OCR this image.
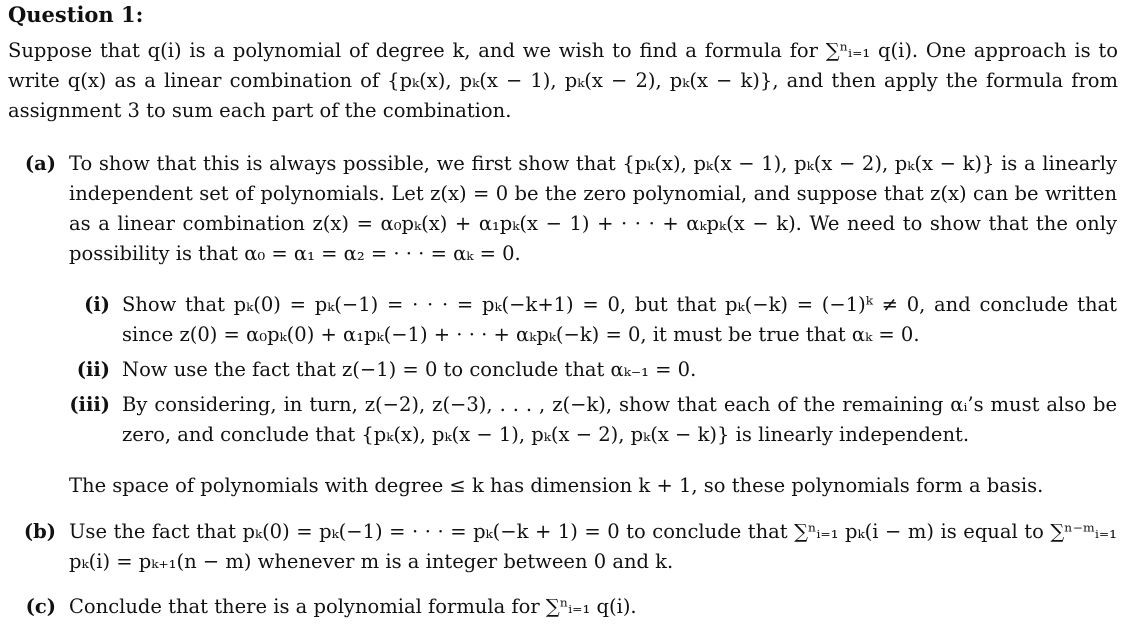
Question 1:
Suppose that q(i) is a polynomial of degree k, and we wish to find a formula for ∑ⁿᵢ₌₁ q(i). One approach is to write q(x) as a linear combination of {pₖ(x), pₖ(x − 1), pₖ(x − 2), pₖ(x − k)}, and then apply the formula from assignment 3 to sum each part of the combination.
(a) To show that this is always possible, we first show that {pₖ(x), pₖ(x − 1), pₖ(x − 2), pₖ(x − k)} is a linearly independent set of polynomials. Let z(x) = 0 be the zero polynomial, and suppose that z(x) can be written as a linear combination z(x) = α₀pₖ(x) + α₁pₖ(x − 1) + · · · + αₖpₖ(x − k). We need to show that the only possibility is that α₀ = α₁ = α₂ = · · · = αₖ = 0.
(i) Show that pₖ(0) = pₖ(−1) = · · · = pₖ(−k+1) = 0, but that pₖ(−k) = (−1)ᵏ ≠ 0, and conclude that since z(0) = α₀pₖ(0) + α₁pₖ(−1) + · · · + αₖpₖ(−k) = 0, it must be true that αₖ = 0.
(ii) Now use the fact that z(−1) = 0 to conclude that αₖ₋₁ = 0.
(iii) By considering, in turn, z(−2), z(−3), . . . , z(−k), show that each of the remaining αᵢ’s must also be zero, and conclude that {pₖ(x), pₖ(x − 1), pₖ(x − 2), pₖ(x − k)} is linearly independent.
The space of polynomials with degree ≤ k has dimension k + 1, so these polynomials form a basis.
(b) Use the fact that pₖ(0) = pₖ(−1) = · · · = pₖ(−k + 1) = 0 to conclude that ∑ⁿᵢ₌₁ pₖ(i − m) is equal to ∑ⁿ⁻ᵐᵢ₌₁ pₖ(i) = pₖ₊₁(n − m) whenever m is a integer between 0 and k.
(c) Conclude that there is a polynomial formula for ∑ⁿᵢ₌₁ q(i).
